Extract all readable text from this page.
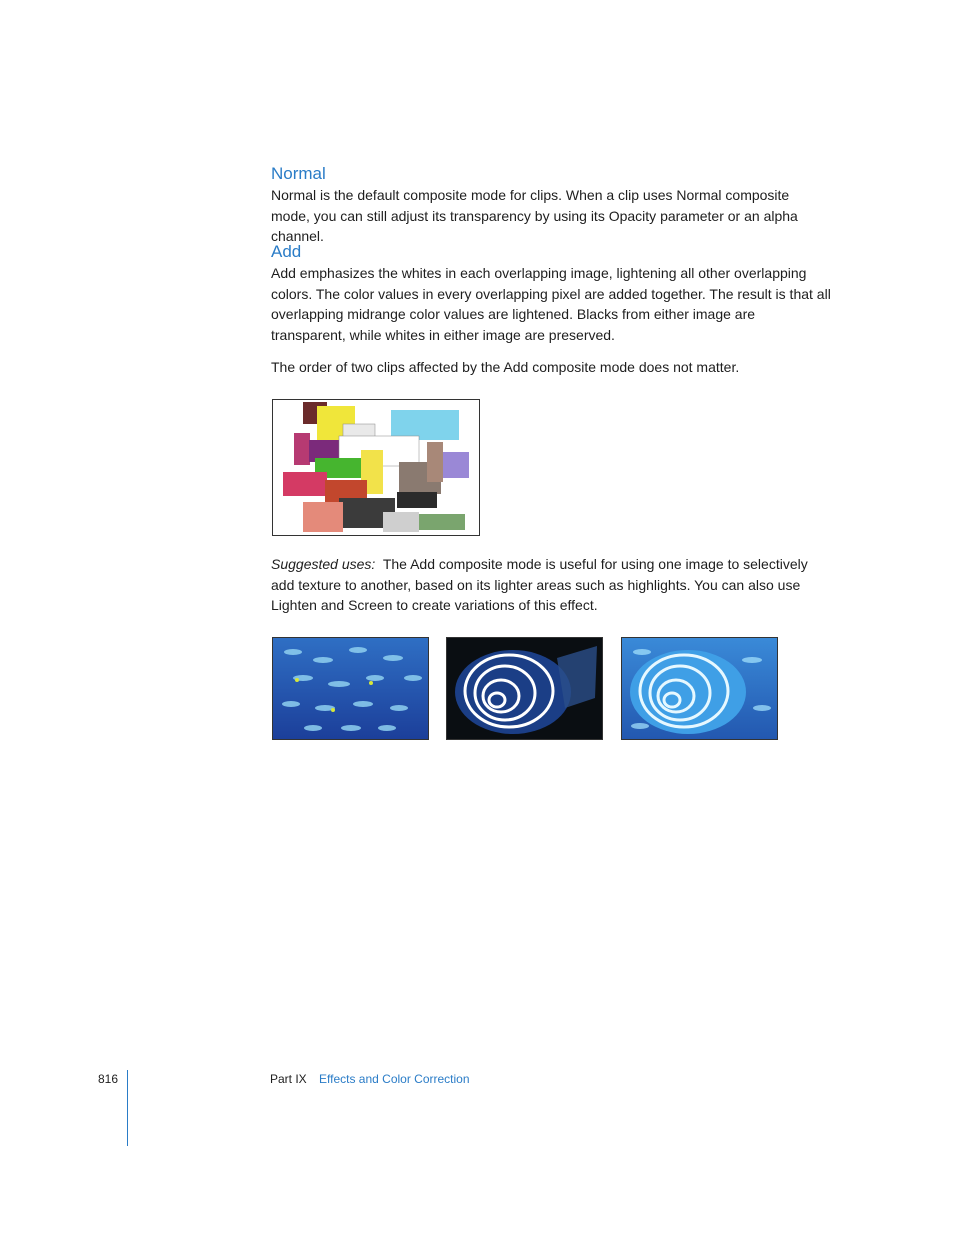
Normal

Normal is the default composite mode for clips. When a clip uses Normal composite mode, you can still adjust its transparency by using its Opacity parameter or an alpha channel.

Add

Add emphasizes the whites in each overlapping image, lightening all other overlapping colors. The color values in every overlapping pixel are added together. The result is that all overlapping midrange color values are lightened. Blacks from either image are transparent, while whites in either image are preserved.

The order of two clips affected by the Add composite mode does not matter.

Suggested uses: The Add composite mode is useful for using one image to selectively add texture to another, based on its lighter areas such as highlights. You can also use Lighten and Screen to create variations of this effect.

816	Part IX Effects and Color Correction
